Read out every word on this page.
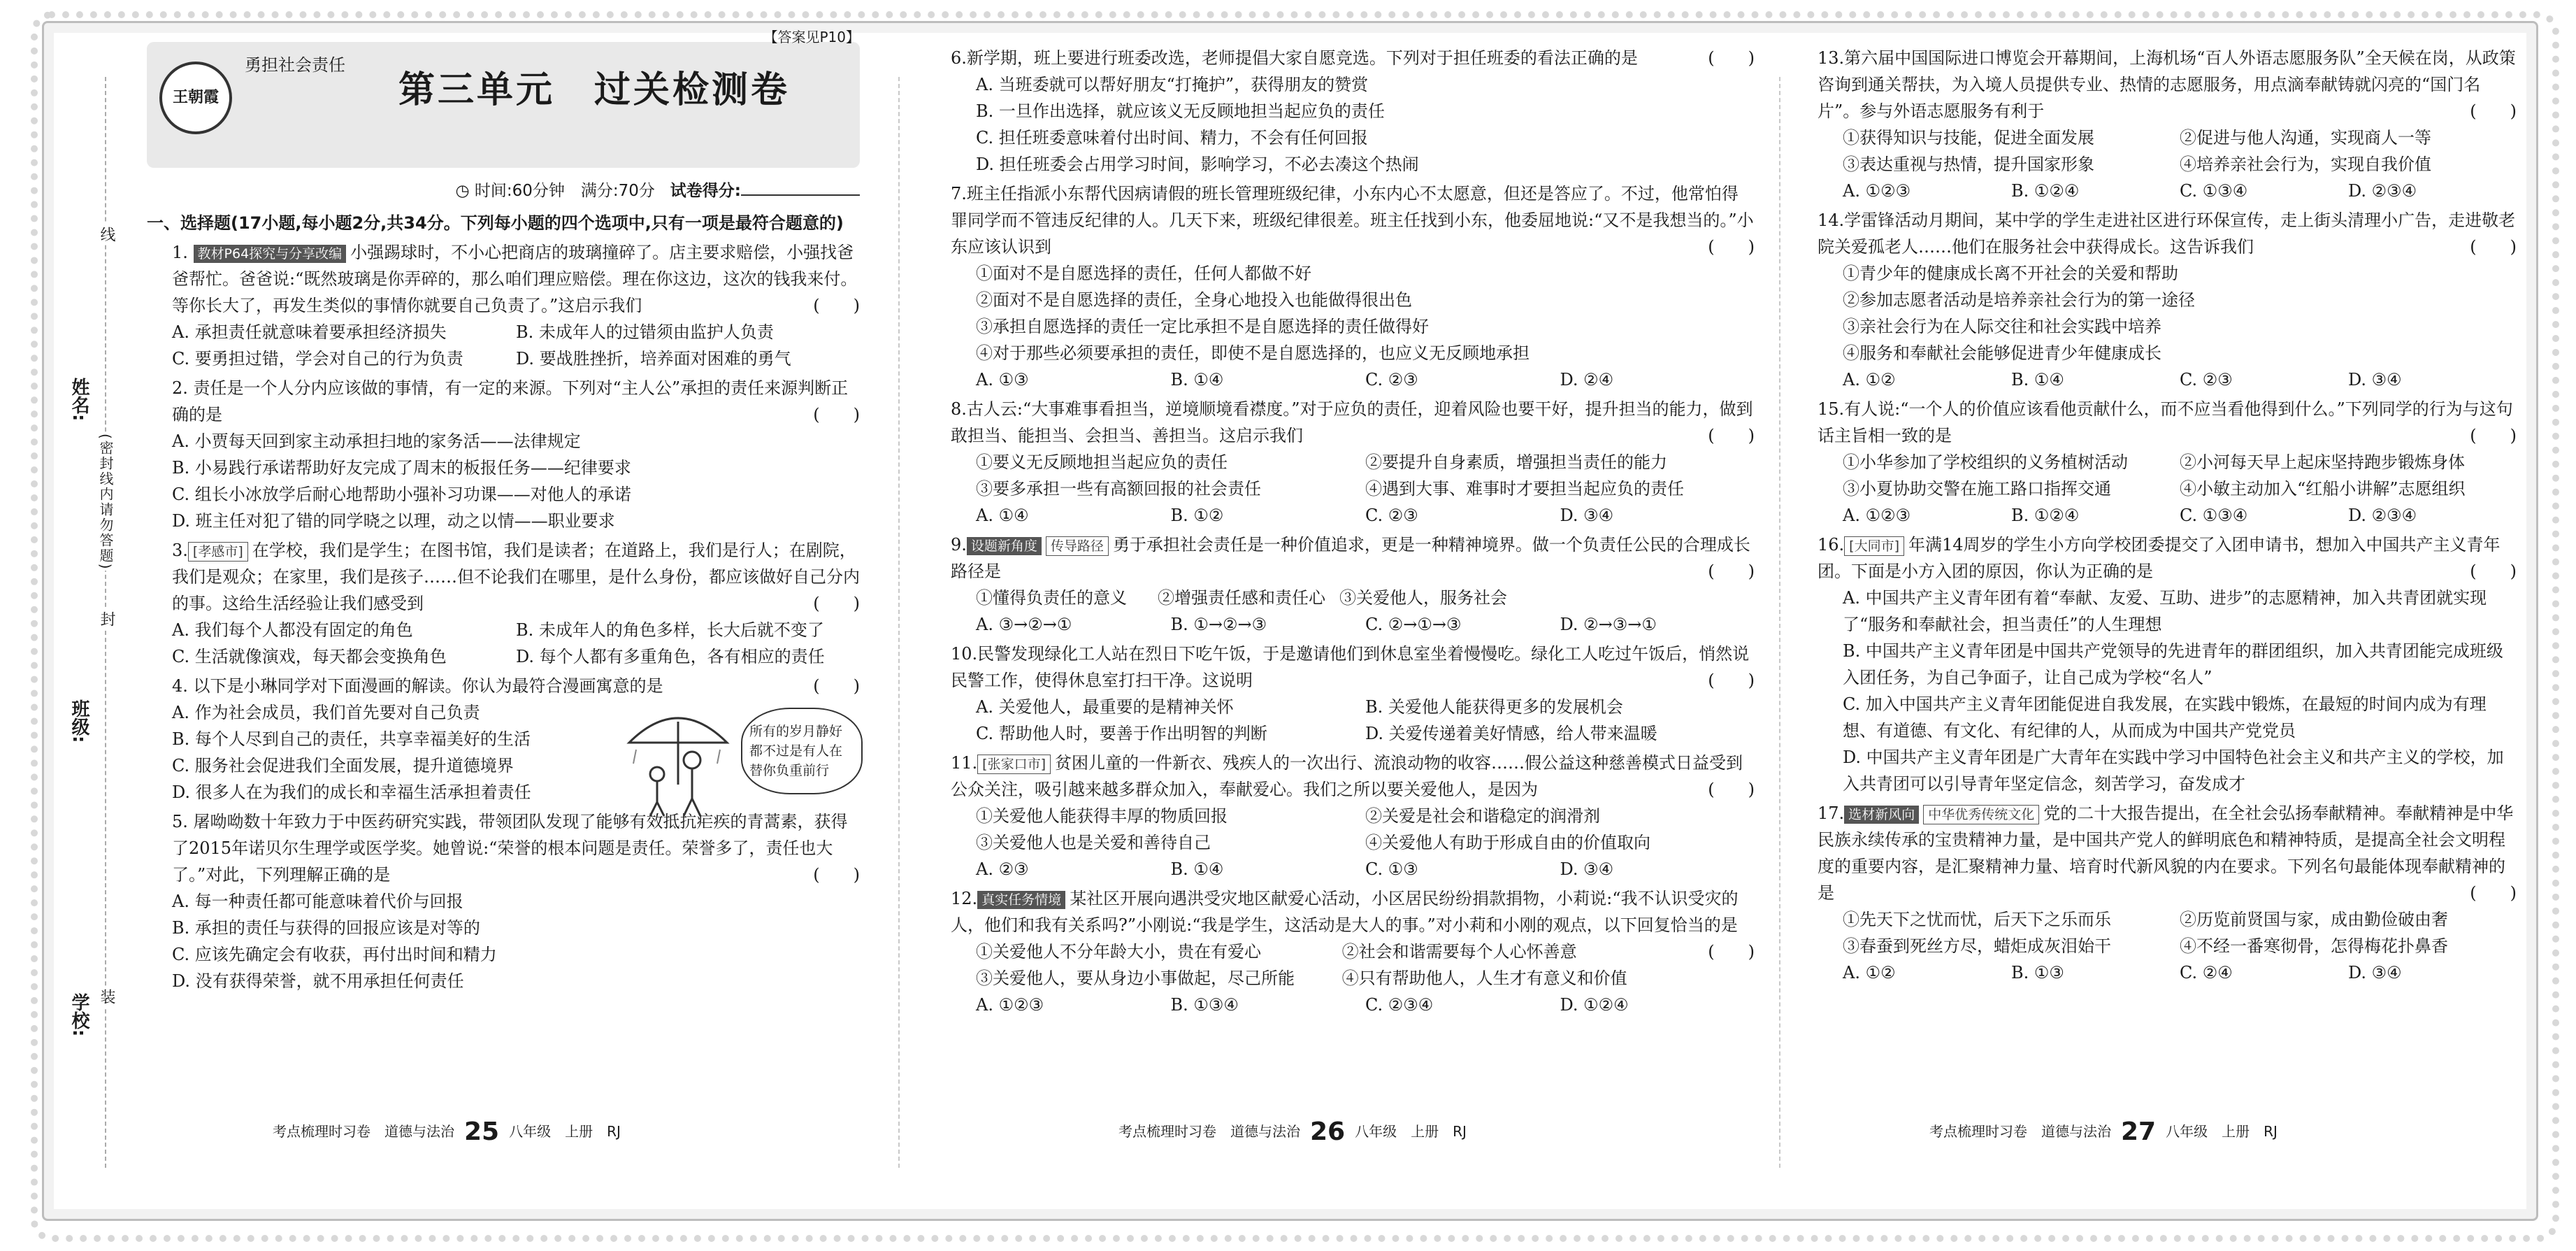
姓名:
班级:
学校:
线
封
装
(密封线内请勿答题)
【答案见P10】
王朝霞
勇担社会责任
第三单元　过关检测卷
◷ 时间:60分钟　满分:70分 试卷得分:
一、选择题(17小题,每小题2分,共34分。下列每小题的四个选项中,只有一项是最符合题意的)
1. 教材P64探究与分享改编 小强踢球时，不小心把商店的玻璃撞碎了。店主要求赔偿，小强找爸爸帮忙。爸爸说:“既然玻璃是你弄碎的，那么咱们理应赔偿。理在你这边，这次的钱我来付。等你长大了，再发生类似的事情你就要自己负责了。”这启示我们	(　　)
A. 承担责任就意味着要承担经济损失	B. 未成年人的过错须由监护人负责
C. 要勇担过错，学会对自己的行为负责	D. 要战胜挫折，培养面对困难的勇气
2. 责任是一个人分内应该做的事情，有一定的来源。下列对“主人公”承担的责任来源判断正确的是	(　　)
A. 小贾每天回到家主动承担扫地的家务活——法律规定
B. 小易践行承诺帮助好友完成了周末的板报任务——纪律要求
C. 组长小冰放学后耐心地帮助小强补习功课——对他人的承诺
D. 班主任对犯了错的同学晓之以理，动之以情——职业要求
3. [孝感市] 在学校，我们是学生；在图书馆，我们是读者；在道路上，我们是行人；在剧院，我们是观众；在家里，我们是孩子……但不论我们在哪里，是什么身份，都应该做好自己分内的事。这给生活经验让我们感受到	(　　)
A. 我们每个人都没有固定的角色	B. 未成年人的角色多样，长大后就不变了
C. 生活就像演戏，每天都会变换角色	D. 每个人都有多重角色，各有相应的责任
4. 以下是小琳同学对下面漫画的解读。你认为最符合漫画寓意的是	(　　)
A. 作为社会成员，我们首先要对自己负责
B. 每个人尽到自己的责任，共享幸福美好的生活
C. 服务社会促进我们全面发展，提升道德境界
D. 很多人在为我们的成长和幸福生活承担着责任
所有的岁月静好都不过是有人在替你负重前行
5. 屠呦呦数十年致力于中医药研究实践，带领团队发现了能够有效抵抗疟疾的青蒿素，获得了2015年诺贝尔生理学或医学奖。她曾说:“荣誉的根本问题是责任。荣誉多了，责任也大了。”对此，下列理解正确的是	(　　)
A. 每一种责任都可能意味着代价与回报
B. 承担的责任与获得的回报应该是对等的
C. 应该先确定会有收获，再付出时间和精力
D. 没有获得荣誉，就不用承担任何责任
考点梳理时习卷　道德与法治 25 八年级　上册　RJ
6.新学期，班上要进行班委改选，老师提倡大家自愿竞选。下列对于担任班委的看法正确的是	(　　)
A. 当班委就可以帮好朋友“打掩护”，获得朋友的赞赏
B. 一旦作出选择，就应该义无反顾地担当起应负的责任
C. 担任班委意味着付出时间、精力，不会有任何回报
D. 担任班委会占用学习时间，影响学习，不必去凑这个热闹
7.班主任指派小东帮代因病请假的班长管理班级纪律，小东内心不太愿意，但还是答应了。不过，他常怕得罪同学而不管违反纪律的人。几天下来，班级纪律很差。班主任找到小东，他委屈地说:“又不是我想当的。”小东应该认识到	(　　)
①面对不是自愿选择的责任，任何人都做不好
②面对不是自愿选择的责任，全身心地投入也能做得很出色
③承担自愿选择的责任一定比承担不是自愿选择的责任做得好
④对于那些必须要承担的责任，即使不是自愿选择的，也应义无反顾地承担
A. ①③	B. ①④	C. ②③	D. ②④
8.古人云:“大事难事看担当，逆境顺境看襟度。”对于应负的责任，迎着风险也要干好，提升担当的能力，做到敢担当、能担当、会担当、善担当。这启示我们	(　　)
①要义无反顾地担当起应负的责任	②要提升自身素质，增强担当责任的能力
③要多承担一些有高额回报的社会责任	④遇到大事、难事时才要担当起应负的责任
A. ①④	B. ①②	C. ②③	D. ③④
9. 设题新角度 传导路径 勇于承担社会责任是一种价值追求，更是一种精神境界。做一个负责任公民的合理成长路径是	(　　)
①懂得负责任的意义	②增强责任感和责任心 ③关爱他人，服务社会
A. ③→②→①	B. ①→②→③	C. ②→①→③	D. ②→③→①
10.民警发现绿化工人站在烈日下吃午饭，于是邀请他们到休息室坐着慢慢吃。绿化工人吃过午饭后，悄然说民警工作，使得休息室打扫干净。这说明	(　　)
A. 关爱他人，最重要的是精神关怀	B. 关爱他人能获得更多的发展机会
C. 帮助他人时，要善于作出明智的判断	D. 关爱传递着美好情感，给人带来温暖
11. [张家口市] 贫困儿童的一件新衣、残疾人的一次出行、流浪动物的收容……假公益这种慈善模式日益受到公众关注，吸引越来越多群众加入，奉献爱心。我们之所以要关爱他人，是因为	(　　)
①关爱他人能获得丰厚的物质回报	②关爱是社会和谐稳定的润滑剂
③关爱他人也是关爱和善待自己	④关爱他人有助于形成自由的价值取向
A. ②③	B. ①④	C. ①③	D. ③④
12. 真实任务情境 某社区开展向遇洪受灾地区献爱心活动，小区居民纷纷捐款捐物，小莉说:“我不认识受灾的人，他们和我有关系吗?”小刚说:“我是学生，这活动是大人的事。”对小莉和小刚的观点，以下回复恰当的是
(　　)
①关爱他人不分年龄大小，贵在有爱心	②社会和谐需要每个人心怀善意
③关爱他人，要从身边小事做起，尽己所能	④只有帮助他人，人生才有意义和价值
A. ①②③	B. ①③④	C. ②③④	D. ①②④
考点梳理时习卷　道德与法治 26 八年级　上册　RJ
13.第六届中国国际进口博览会开幕期间，上海机场“百人外语志愿服务队”全天候在岗，从政策咨询到通关帮扶，为入境人员提供专业、热情的志愿服务，用点滴奉献铸就闪亮的“国门名片”。参与外语志愿服务有利于	(　　)
①获得知识与技能，促进全面发展	②促进与他人沟通，实现商人一等
③表达重视与热情，提升国家形象	④培养亲社会行为，实现自我价值
A. ①②③	B. ①②④	C. ①③④	D. ②③④
14.学雷锋活动月期间，某中学的学生走进社区进行环保宣传，走上街头清理小广告，走进敬老院关爱孤老人……他们在服务社会中获得成长。这告诉我们	(　　)
①青少年的健康成长离不开社会的关爱和帮助
②参加志愿者活动是培养亲社会行为的第一途径
③亲社会行为在人际交往和社会实践中培养
④服务和奉献社会能够促进青少年健康成长
A. ①②	B. ①④	C. ②③	D. ③④
15.有人说:“一个人的价值应该看他贡献什么，而不应当看他得到什么。”下列同学的行为与这句话主旨相一致的是	(　　)
①小华参加了学校组织的义务植树活动	②小河每天早上起床坚持跑步锻炼身体
③小夏协助交警在施工路口指挥交通	④小敏主动加入“红船小讲解”志愿组织
A. ①②③	B. ①②④	C. ①③④	D. ②③④
16. [大同市] 年满14周岁的学生小方向学校团委提交了入团申请书，想加入中国共产主义青年团。下面是小方入团的原因，你认为正确的是	(　　)
A. 中国共产主义青年团有着“奉献、友爱、互助、进步”的志愿精神，加入共青团就实现了“服务和奉献社会，担当责任”的人生理想
B. 中国共产主义青年团是中国共产党领导的先进青年的群团组织，加入共青团能完成班级入团任务，为自己争面子，让自己成为学校“名人”
C. 加入中国共产主义青年团能促进自我发展，在实践中锻炼，在最短的时间内成为有理想、有道德、有文化、有纪律的人，从而成为中国共产党党员
D. 中国共产主义青年团是广大青年在实践中学习中国特色社会主义和共产主义的学校，加入共青团可以引导青年坚定信念，刻苦学习，奋发成才
17. 选材新风向 中华优秀传统文化 党的二十大报告提出，在全社会弘扬奉献精神。奉献精神是中华民族永续传承的宝贵精神力量，是中国共产党人的鲜明底色和精神特质，是提高全社会文明程度的重要内容，是汇聚精神力量、培育时代新风貌的内在要求。下列名句最能体现奉献精神的是	(　　)
①先天下之忧而忧，后天下之乐而乐	②历览前贤国与家，成由勤俭破由奢
③春蚕到死丝方尽，蜡炬成灰泪始干	④不经一番寒彻骨，怎得梅花扑鼻香
A. ①②	B. ①③	C. ②④	D. ③④
考点梳理时习卷　道德与法治 27 八年级　上册　RJ
